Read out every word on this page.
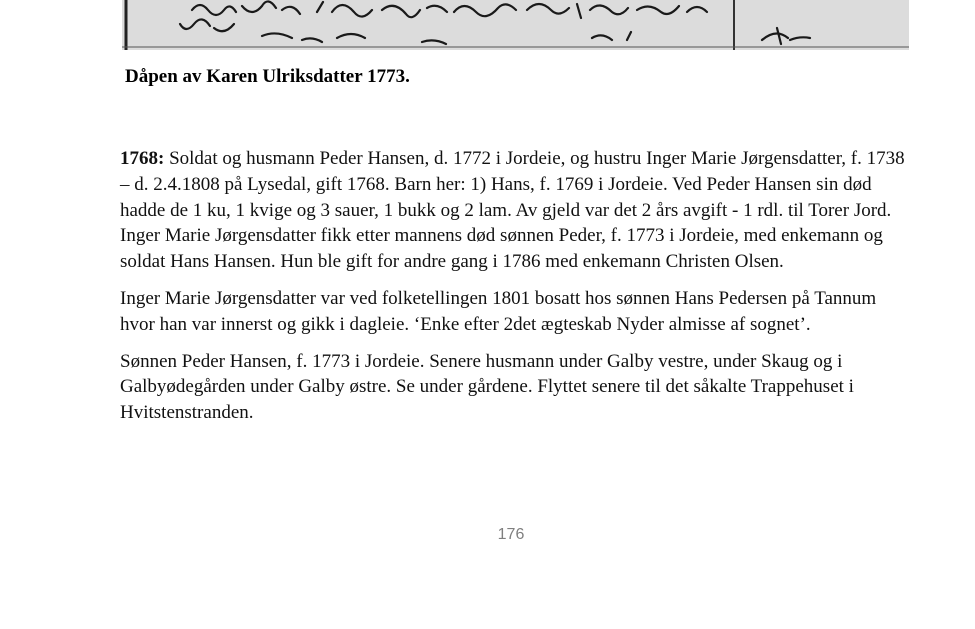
Dåpen av Karen Ulriksdatter 1773.

1768: Soldat og husmann Peder Hansen, d. 1772 i Jordeie, og hustru Inger Marie Jørgensdatter, f. 1738 – d. 2.4.1808 på Lysedal, gift 1768. Barn her: 1) Hans, f. 1769 i Jordeie. Ved Peder Hansen sin død hadde de 1 ku, 1 kvige og 3 sauer, 1 bukk og 2 lam. Av gjeld var det 2 års avgift - 1 rdl. til Torer Jord. Inger Marie Jørgensdatter fikk etter mannens død sønnen Peder, f. 1773 i Jordeie, med enkemann og soldat Hans Hansen. Hun ble gift for andre gang i 1786 med enkemann Christen Olsen.

Inger Marie Jørgensdatter var ved folketellingen 1801 bosatt hos sønnen Hans Pedersen på Tannum hvor han var innerst og gikk i dagleie. ‘Enke efter 2det ægteskab Nyder almisse af sognet’.

Sønnen Peder Hansen, f. 1773 i Jordeie. Senere husmann under Galby vestre, under Skaug og i Galbyødegården under Galby østre. Se under gårdene. Flyttet senere til det såkalte Trappehuset i Hvitstenstranden.

176
